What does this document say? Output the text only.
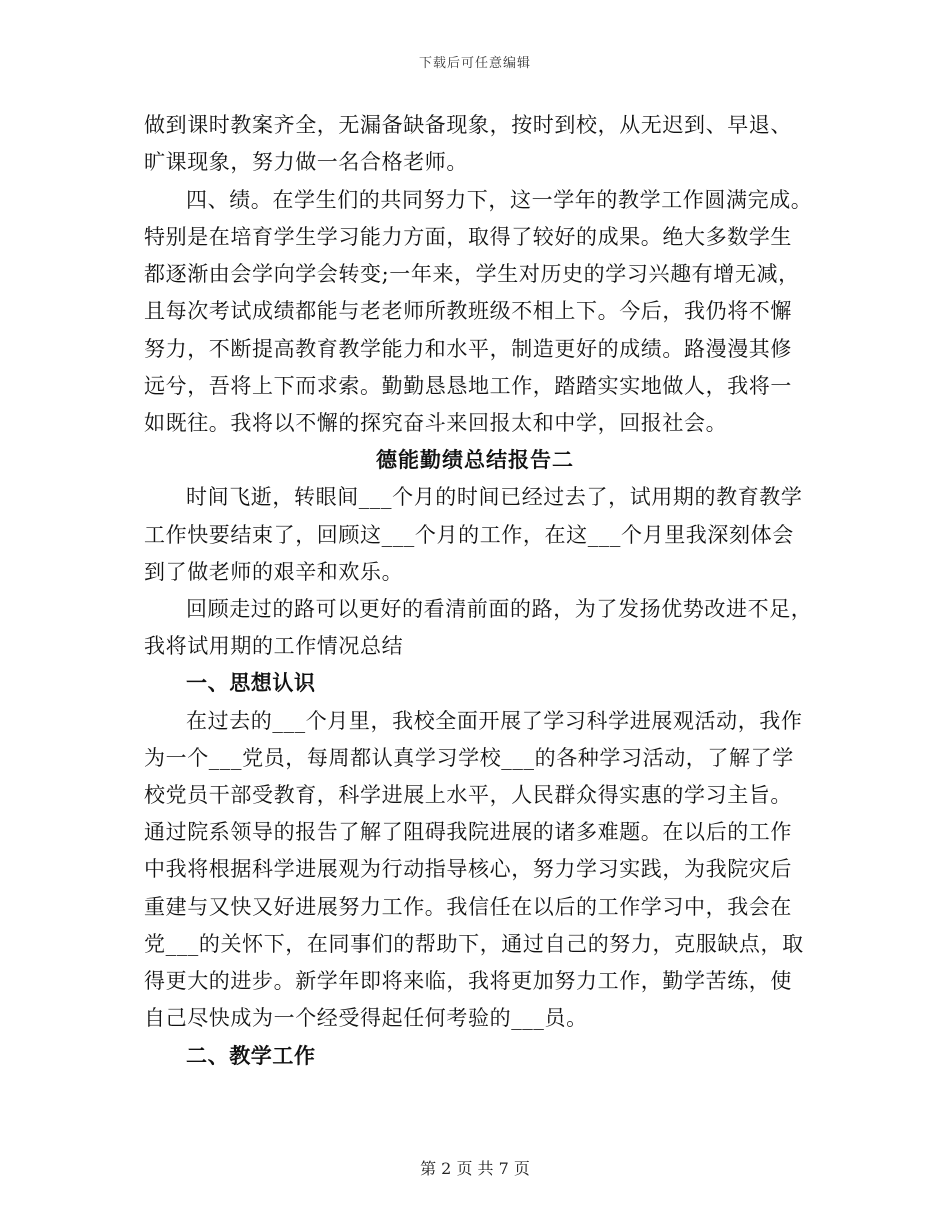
下载后可任意编辑
做到课时教案齐全，无漏备缺备现象，按时到校，从无迟到、早退、
旷课现象，努力做一名合格老师。
四、绩。在学生们的共同努力下，这一学年的教学工作圆满完成。
特别是在培育学生学习能力方面，取得了较好的成果。绝大多数学生
都逐渐由会学向学会转变;一年来，学生对历史的学习兴趣有增无减，
且每次考试成绩都能与老老师所教班级不相上下。今后，我仍将不懈
努力，不断提高教育教学能力和水平，制造更好的成绩。路漫漫其修
远兮，吾将上下而求索。勤勤恳恳地工作，踏踏实实地做人，我将一
如既往。我将以不懈的探究奋斗来回报太和中学，回报社会。
德能勤绩总结报告二
时间飞逝，转眼间___个月的时间已经过去了，试用期的教育教学
工作快要结束了，回顾这___个月的工作，在这___个月里我深刻体会
到了做老师的艰辛和欢乐。
回顾走过的路可以更好的看清前面的路，为了发扬优势改进不足，
我将试用期的工作情况总结
一、思想认识
在过去的___个月里，我校全面开展了学习科学进展观活动，我作
为一个___党员，每周都认真学习学校___的各种学习活动，了解了学
校党员干部受教育，科学进展上水平，人民群众得实惠的学习主旨。
通过院系领导的报告了解了阻碍我院进展的诸多难题。在以后的工作
中我将根据科学进展观为行动指导核心，努力学习实践，为我院灾后
重建与又快又好进展努力工作。我信任在以后的工作学习中，我会在
党___的关怀下，在同事们的帮助下，通过自己的努力，克服缺点，取
得更大的进步。新学年即将来临，我将更加努力工作，勤学苦练，使
自己尽快成为一个经受得起任何考验的___员。
二、教学工作
第 2 页 共 7 页
